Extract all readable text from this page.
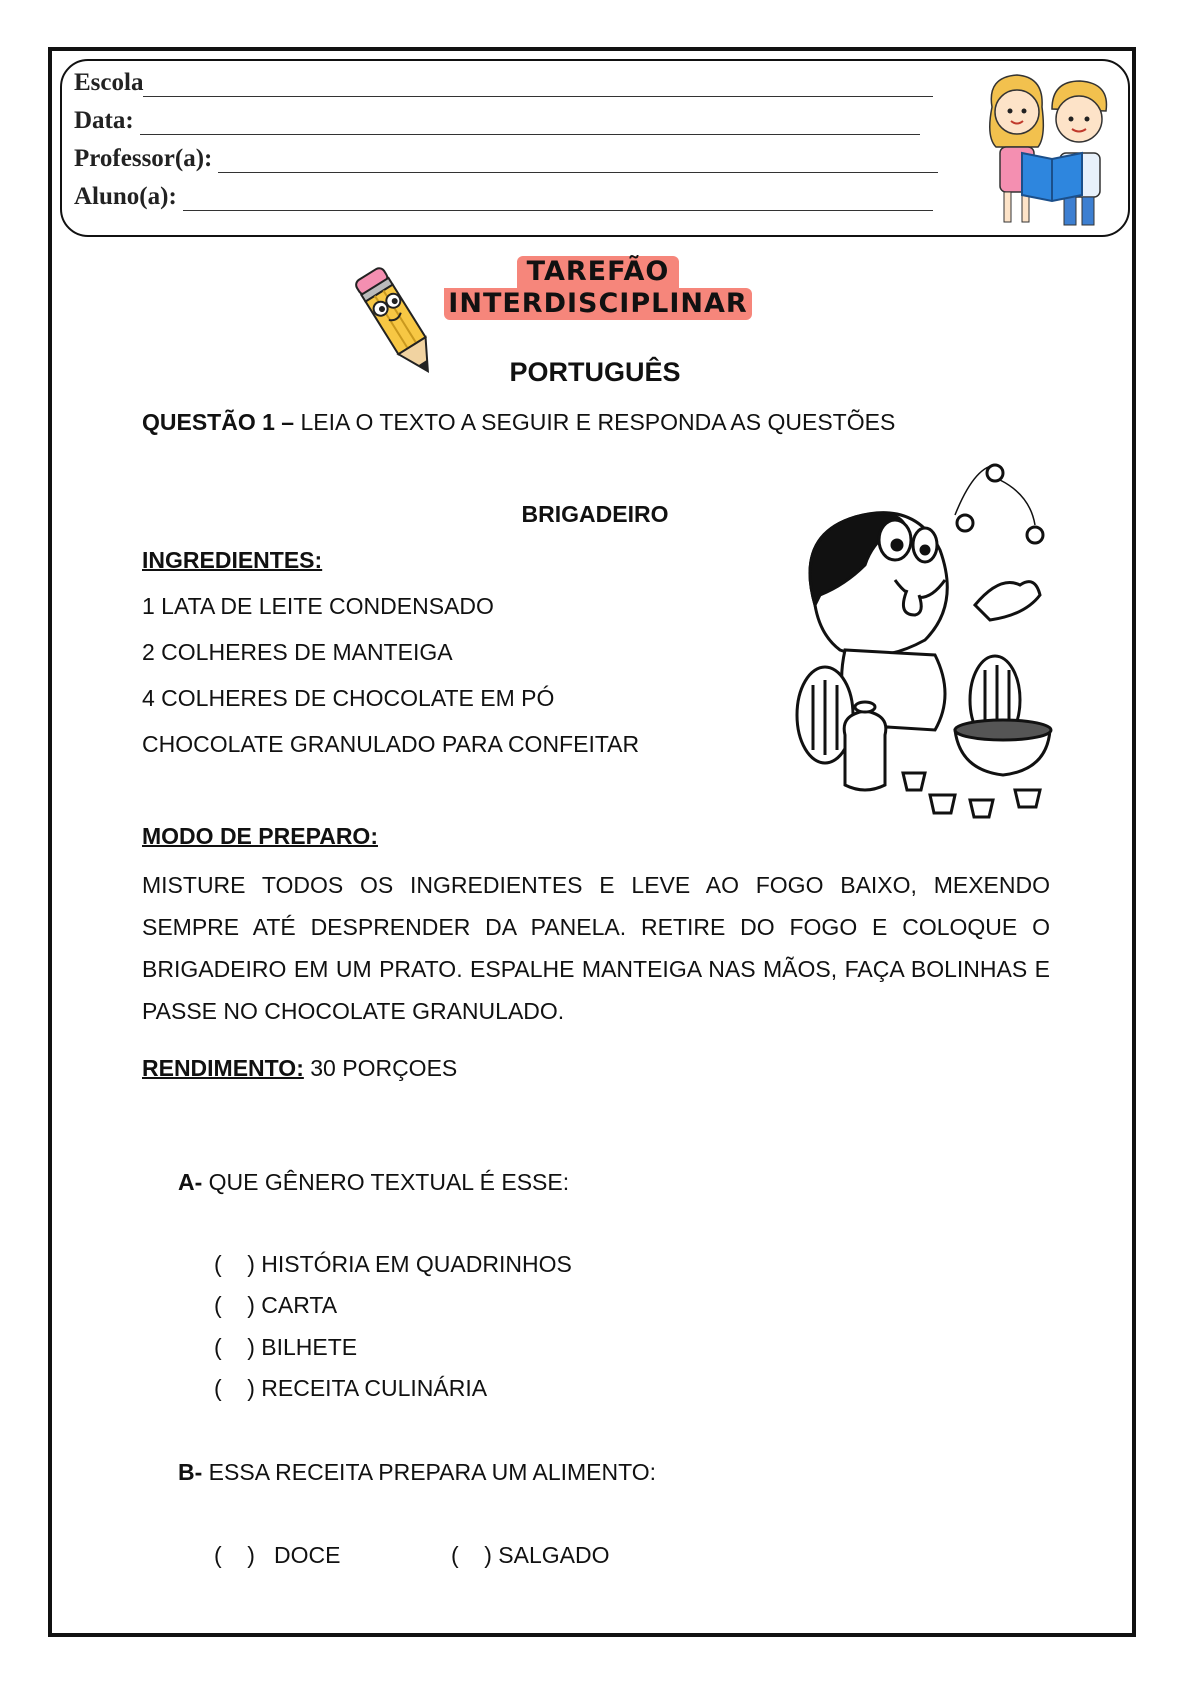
Escola
Data:
Professor(a):
Aluno(a):
TAREFÃO
INTERDISCIPLINAR
PORTUGUÊS
QUESTÃO 1 – LEIA O TEXTO A SEGUIR E RESPONDA AS QUESTÕES
BRIGADEIRO
INGREDIENTES:
1 LATA DE LEITE CONDENSADO
2 COLHERES DE MANTEIGA
4 COLHERES DE CHOCOLATE EM PÓ
CHOCOLATE GRANULADO PARA CONFEITAR
MODO DE PREPARO:
MISTURE TODOS OS INGREDIENTES E LEVE AO FOGO BAIXO, MEXENDO SEMPRE ATÉ DESPRENDER DA PANELA. RETIRE DO FOGO E COLOQUE O BRIGADEIRO EM UM PRATO. ESPALHE MANTEIGA NAS MÃOS, FAÇA BOLINHAS E PASSE NO CHOCOLATE GRANULADO.
RENDIMENTO: 30 PORÇOES
A- QUE GÊNERO TEXTUAL É ESSE:
(    ) HISTÓRIA EM QUADRINHOS
(    ) CARTA
(    ) BILHETE
(    ) RECEITA CULINÁRIA
B- ESSA RECEITA PREPARA UM ALIMENTO:
(    )   DOCE	(    ) SALGADO
